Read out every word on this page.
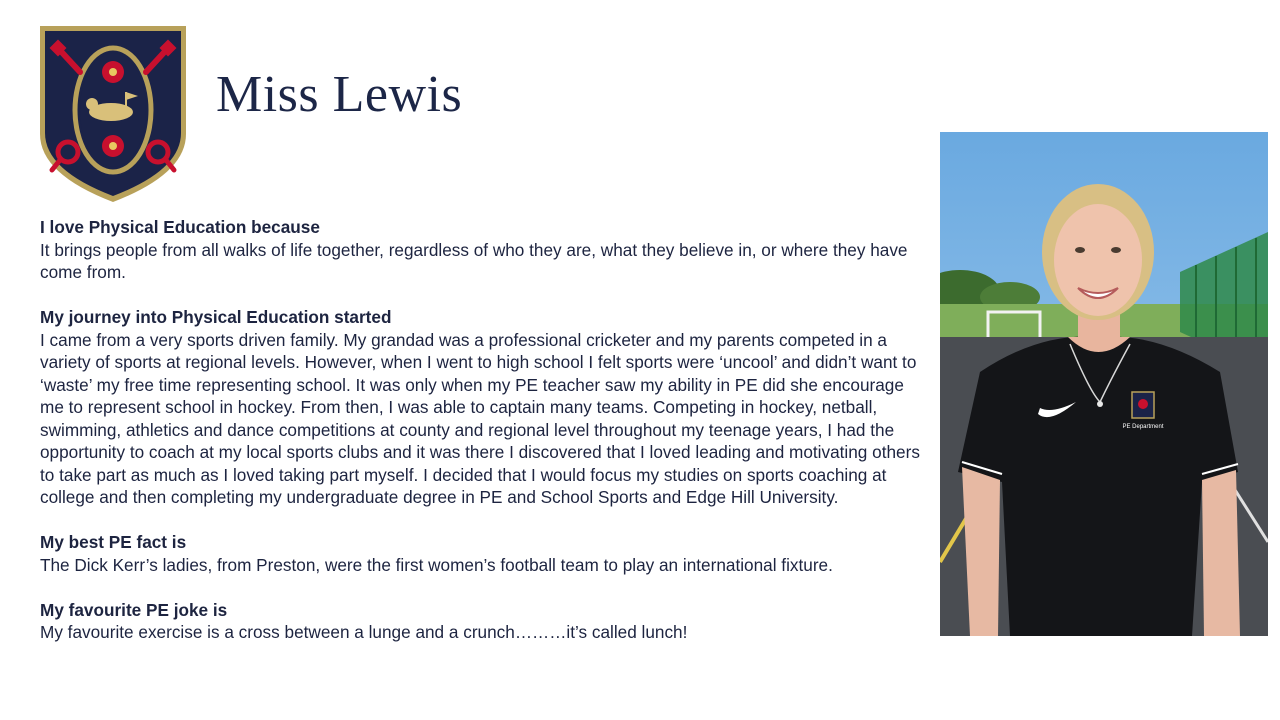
Miss Lewis
I love Physical Education because
It brings people from all walks of life together, regardless of who they are, what they believe in, or where they have come from.
My journey into Physical Education started
I came from a very sports driven family. My grandad was a professional cricketer and my parents competed in a variety of sports at regional levels. However, when I went to high school I felt sports were ‘uncool’ and didn’t want to ‘waste’ my free time representing school. It was only when my PE teacher saw my ability in PE did she encourage me to represent school in hockey. From then, I was able to captain many teams. Competing in hockey, netball, swimming, athletics and dance competitions at county and regional level throughout my teenage years, I had the opportunity to coach at my local sports clubs and it was there I discovered that I loved leading and motivating others to take part as much as I loved taking part myself. I decided that I would focus my studies on sports coaching at college and then completing my undergraduate degree in PE and School Sports and Edge Hill University.
My best PE fact is
The Dick Kerr’s ladies, from Preston, were the first women’s football team to play an international fixture.
My favourite PE joke is
My favourite exercise is a cross between a lunge and a crunch………it’s called lunch!
PE Department
